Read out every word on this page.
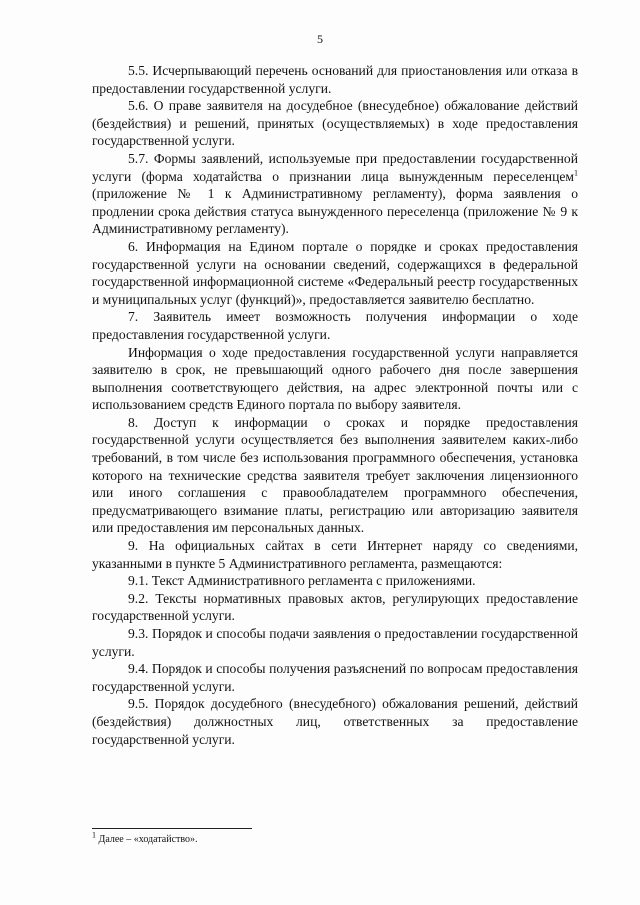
5

5.5. Исчерпывающий перечень оснований для приостановления или отказа в предоставлении государственной услуги.

5.6. О праве заявителя на досудебное (внесудебное) обжалование действий (бездействия) и решений, принятых (осуществляемых) в ходе предоставления государственной услуги.

5.7. Формы заявлений, используемые при предоставлении государственной услуги (форма ходатайства о признании лица вынужденным переселенцем$^1$ (приложение № 1 к Административному регламенту), форма заявления о продлении срока действия статуса вынужденного переселенца (приложение № 9 к Административному регламенту).

6. Информация на Едином портале о порядке и сроках предоставления государственной услуги на основании сведений, содержащихся в федеральной государственной информационной системе «Федеральный реестр государственных и муниципальных услуг (функций)», предоставляется заявителю бесплатно.

7. Заявитель имеет возможность получения информации о ходе предоставления государственной услуги.

Информация о ходе предоставления государственной услуги направляется заявителю в срок, не превышающий одного рабочего дня после завершения выполнения соответствующего действия, на адрес электронной почты или с использованием средств Единого портала по выбору заявителя.

8. Доступ к информации о сроках и порядке предоставления государственной услуги осуществляется без выполнения заявителем каких-либо требований, в том числе без использования программного обеспечения, установка которого на технические средства заявителя требует заключения лицензионного или иного соглашения с правообладателем программного обеспечения, предусматривающего взимание платы, регистрацию или авторизацию заявителя или предоставления им персональных данных.

9. На официальных сайтах в сети Интернет наряду со сведениями, указанными в пункте 5 Административного регламента, размещаются:

9.1. Текст Административного регламента с приложениями.

9.2. Тексты нормативных правовых актов, регулирующих предоставление государственной услуги.

9.3. Порядок и способы подачи заявления о предоставлении государственной услуги.

9.4. Порядок и способы получения разъяснений по вопросам предоставления государственной услуги.

9.5. Порядок досудебного (внесудебного) обжалования решений, действий (бездействия) должностных лиц, ответственных за предоставление государственной услуги.

$^1$ Далее – «ходатайство».
